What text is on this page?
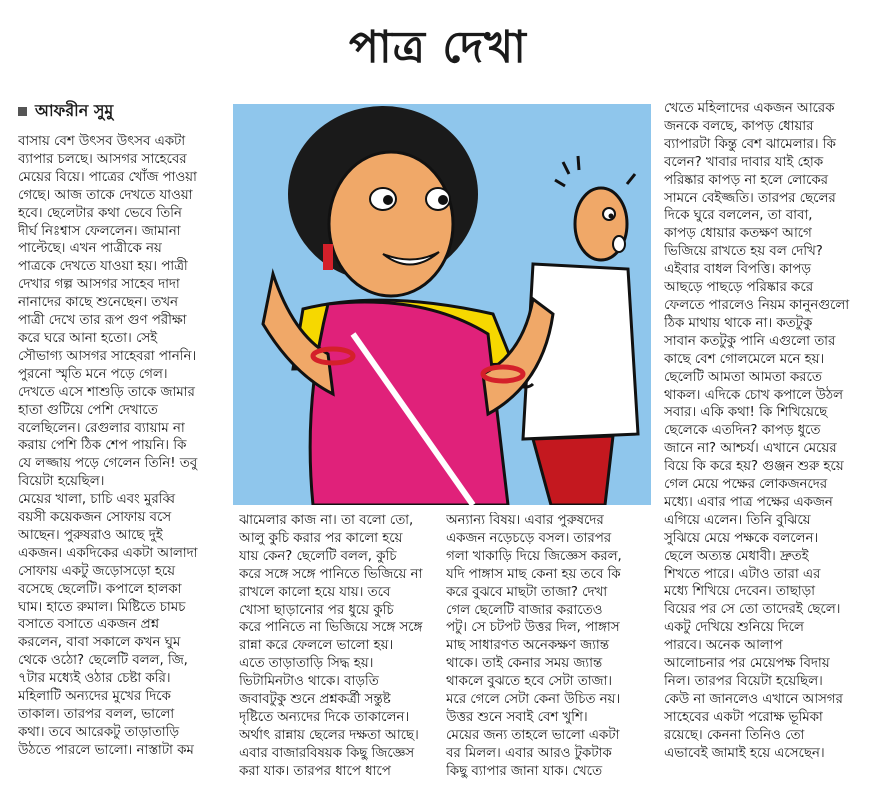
পাত্র দেখা
আফরীন সুমু
বাসায় বেশ উৎসব উৎসব একটা
ব্যাপার চলছে। আসগর সাহেবের
মেয়ের বিয়ে। পাত্রের খোঁজ পাওয়া
গেছে। আজ তাকে দেখতে যাওয়া
হবে। ছেলেটার কথা ভেবে তিনি
দীর্ঘ নিঃশ্বাস ফেললেন। জামানা
পাল্টেছে। এখন পাত্রীকে নয়
পাত্রকে দেখতে যাওয়া হয়। পাত্রী
দেখার গল্প আসগর সাহেব দাদা
নানাদের কাছে শুনেছেন। তখন
পাত্রী দেখে তার রূপ গুণ পরীক্ষা
করে ঘরে আনা হতো। সেই
সৌভাগ্য আসগর সাহেবরা পাননি।
পুরনো স্মৃতি মনে পড়ে গেল।
দেখতে এসে শাশুড়ি তাকে জামার
হাতা গুটিয়ে পেশি দেখাতে
বলেছিলেন। রেগুলার ব্যায়াম না
করায় পেশি ঠিক শেপ পায়নি। কি
যে লজ্জায় পড়ে গেলেন তিনি! তবু
বিয়েটা হয়েছিল।
মেয়ের খালা, চাচি এবং মুরব্বি
বয়সী কয়েকজন সোফায় বসে
আছেন। পুরুষরাও আছে দুই
একজন। একদিকের একটা আলাদা
সোফায় একটু জড়োসড়ো হয়ে
বসেছে ছেলেটি। কপালে হালকা
ঘাম। হাতে রুমাল। মিষ্টিতে চামচ
বসাতে বসাতে একজন প্রশ্ন
করলেন, বাবা সকালে কখন ঘুম
থেকে ওঠো? ছেলেটি বলল, জি,
৭টার মধ্যেই ওঠার চেষ্টা করি।
মহিলাটি অন্যদের মুখের দিকে
তাকাল। তারপর বলল, ভালো
কথা। তবে আরেকটু তাড়াতাড়ি
উঠতে পারলে ভালো। নাস্তাটা কম
ঝামেলার কাজ না। তা বলো তো,
আলু কুচি করার পর কালো হয়ে
যায় কেন? ছেলেটি বলল, কুচি
করে সঙ্গে সঙ্গে পানিতে ভিজিয়ে না
রাখলে কালো হয়ে যায়। তবে
খোসা ছাড়ানোর পর ধুয়ে কুচি
করে পানিতে না ভিজিয়ে সঙ্গে সঙ্গে
রান্না করে ফেললে ভালো হয়।
এতে তাড়াতাড়ি সিদ্ধ হয়।
ভিটামিনটাও থাকে। বাড়তি
জবাবটুকু শুনে প্রশ্নকর্ত্রী সন্তুষ্ট
দৃষ্টিতে অন্যদের দিকে তাকালেন।
অর্থাৎ রান্নায় ছেলের দক্ষতা আছে।
এবার বাজারবিষয়ক কিছু জিজ্ঞেস
করা যাক। তারপর ধাপে ধাপে
অন্যান্য বিষয়। এবার পুরুষদের
একজন নড়েচড়ে বসল। তারপর
গলা খাকাড়ি দিয়ে জিজ্ঞেস করল,
যদি পাঙ্গাস মাছ কেনা হয় তবে কি
করে বুঝবে মাছটা তাজা? দেখা
গেল ছেলেটি বাজার করাতেও
পটু। সে চটপট উত্তর দিল, পাঙ্গাস
মাছ সাধারণত অনেকক্ষণ জ্যান্ত
থাকে। তাই কেনার সময় জ্যান্ত
থাকলে বুঝতে হবে সেটা তাজা।
মরে গেলে সেটা কেনা উচিত নয়।
উত্তর শুনে সবাই বেশ খুশি।
মেয়ের জন্য তাহলে ভালো একটা
বর মিলল। এবার আরও টুকটাক
কিছু ব্যাপার জানা যাক। খেতে
খেতে মহিলাদের একজন আরেক
জনকে বলছে, কাপড় ধোয়ার
ব্যাপারটা কিন্তু বেশ ঝামেলার। কি
বলেন? খাবার দাবার যাই হোক
পরিষ্কার কাপড় না হলে লোকের
সামনে বেইজ্জতি। তারপর ছেলের
দিকে ঘুরে বললেন, তা বাবা,
কাপড় ধোয়ার কতক্ষণ আগে
ভিজিয়ে রাখতে হয় বল দেখি?
এইবার বাধল বিপত্তি। কাপড়
আছড়ে পাছড়ে পরিষ্কার করে
ফেলতে পারলেও নিয়ম কানুনগুলো
ঠিক মাথায় থাকে না। কতটুকু
সাবান কতটুকু পানি এগুলো তার
কাছে বেশ গোলমেলে মনে হয়।
ছেলেটি আমতা আমতা করতে
থাকল। এদিকে চোখ কপালে উঠল
সবার। একি কথা! কি শিখিয়েছে
ছেলেকে এতদিন? কাপড় ধুতে
জানে না? আশ্চর্য। এখানে মেয়ের
বিয়ে কি করে হয়? গুঞ্জন শুরু হয়ে
গেল মেয়ে পক্ষের লোকজনদের
মধ্যে। এবার পাত্র পক্ষের একজন
এগিয়ে এলেন। তিনি বুঝিয়ে
সুঝিয়ে মেয়ে পক্ষকে বললেন।
ছেলে অত্যন্ত মেধাবী। দ্রুতই
শিখতে পারে। এটাও তারা এর
মধ্যে শিখিয়ে দেবেন। তাছাড়া
বিয়ের পর সে তো তাদেরই ছেলে।
একটু দেখিয়ে শুনিয়ে দিলে
পারবে। অনেক আলাপ
আলোচনার পর মেয়েপক্ষ বিদায়
নিল। তারপর বিয়েটা হয়েছিল।
কেউ না জানলেও এখানে আসগর
সাহেবের একটা পরোক্ষ ভূমিকা
রয়েছে। কেননা তিনিও তো
এভাবেই জামাই হয়ে এসেছেন।
